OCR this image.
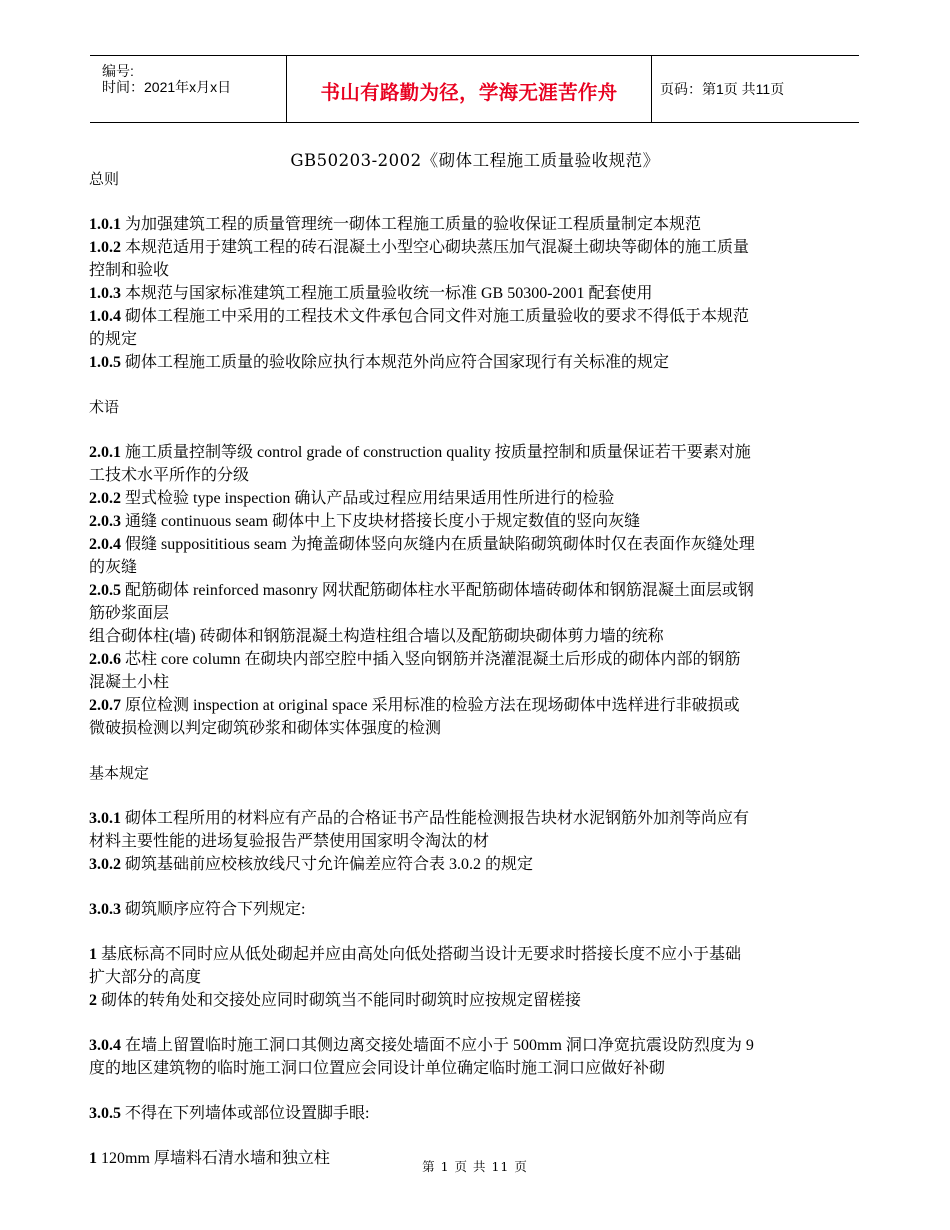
编号:
时间：2021年x月x日	书山有路勤为径，学海无涯苦作舟	页码：第1页 共11页
GB50203-2002《砌体工程施工质量验收规范》

总则

1.0.1 为加强建筑工程的质量管理统一砌体工程施工质量的验收保证工程质量制定本规范

1.0.2 本规范适用于建筑工程的砖石混凝土小型空心砌块蒸压加气混凝土砌块等砌体的施工质量

控制和验收

1.0.3 本规范与国家标准建筑工程施工质量验收统一标准 GB 50300-2001 配套使用

1.0.4 砌体工程施工中采用的工程技术文件承包合同文件对施工质量验收的要求不得低于本规范

的规定

1.0.5 砌体工程施工质量的验收除应执行本规范外尚应符合国家现行有关标准的规定

术语

2.0.1 施工质量控制等级 control grade of construction quality 按质量控制和质量保证若干要素对施

工技术水平所作的分级

2.0.2 型式检验 type inspection 确认产品或过程应用结果适用性所进行的检验

2.0.3 通缝 continuous seam 砌体中上下皮块材搭接长度小于规定数值的竖向灰缝

2.0.4 假缝 supposititious seam 为掩盖砌体竖向灰缝内在质量缺陷砌筑砌体时仅在表面作灰缝处理

的灰缝

2.0.5 配筋砌体 reinforced masonry 网状配筋砌体柱水平配筋砌体墙砖砌体和钢筋混凝土面层或钢

筋砂浆面层

组合砌体柱(墙) 砖砌体和钢筋混凝土构造柱组合墙以及配筋砌块砌体剪力墙的统称

2.0.6 芯柱 core column 在砌块内部空腔中插入竖向钢筋并浇灌混凝土后形成的砌体内部的钢筋

混凝土小柱

2.0.7 原位检测 inspection at original space 采用标准的检验方法在现场砌体中选样进行非破损或

微破损检测以判定砌筑砂浆和砌体实体强度的检测

基本规定

3.0.1 砌体工程所用的材料应有产品的合格证书产品性能检测报告块材水泥钢筋外加剂等尚应有

材料主要性能的进场复验报告严禁使用国家明令淘汰的材

3.0.2 砌筑基础前应校核放线尺寸允许偏差应符合表 3.0.2 的规定

3.0.3 砌筑顺序应符合下列规定:

1 基底标高不同时应从低处砌起并应由高处向低处搭砌当设计无要求时搭接长度不应小于基础

扩大部分的高度

2 砌体的转角处和交接处应同时砌筑当不能同时砌筑时应按规定留槎接

3.0.4 在墙上留置临时施工洞口其侧边离交接处墙面不应小于 500mm 洞口净宽抗震设防烈度为 9

度的地区建筑物的临时施工洞口位置应会同设计单位确定临时施工洞口应做好补砌

3.0.5 不得在下列墙体或部位设置脚手眼:

1 120mm 厚墙料石清水墙和独立柱	第 1 页 共 11 页
